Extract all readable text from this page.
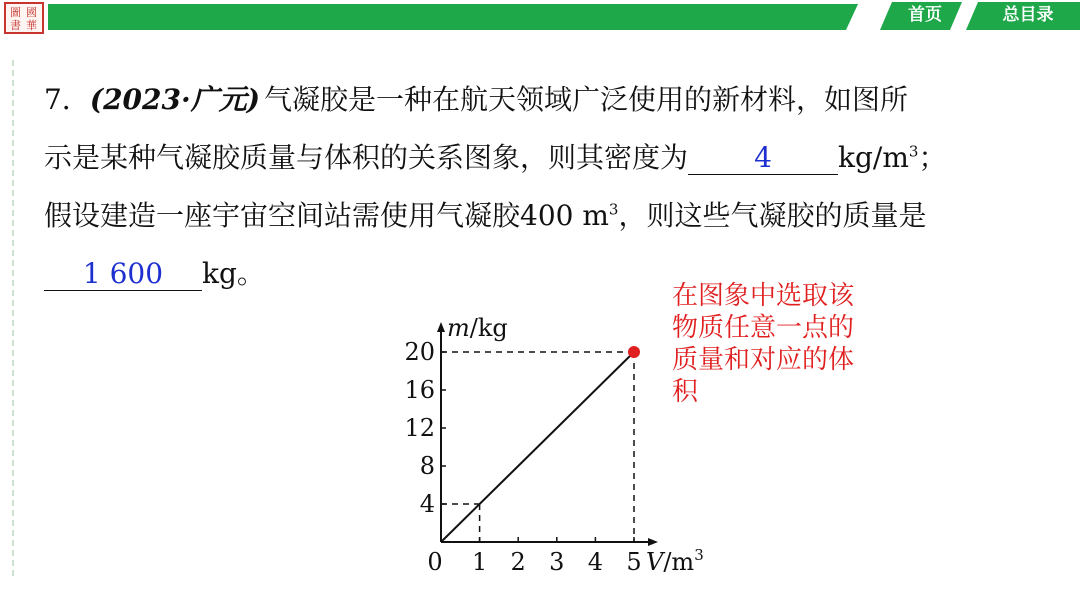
圖 國
書 華
首页	总目录
7．(2023·广元) 气凝胶是一种在航天领域广泛使用的新材料，如图所
示是某种气凝胶质量与体积的关系图象，则其密度为 4 $kg/m^3$；
假设建造一座宇宙空间站需使用气凝胶400 $m^3$，则这些气凝胶的质量是
1 600 kg。
在图象中选取该物质任意一点的质量和对应的体积
0 1 2 3 4 5
4
8
12
16
20
m/kg
$V/m^3$
